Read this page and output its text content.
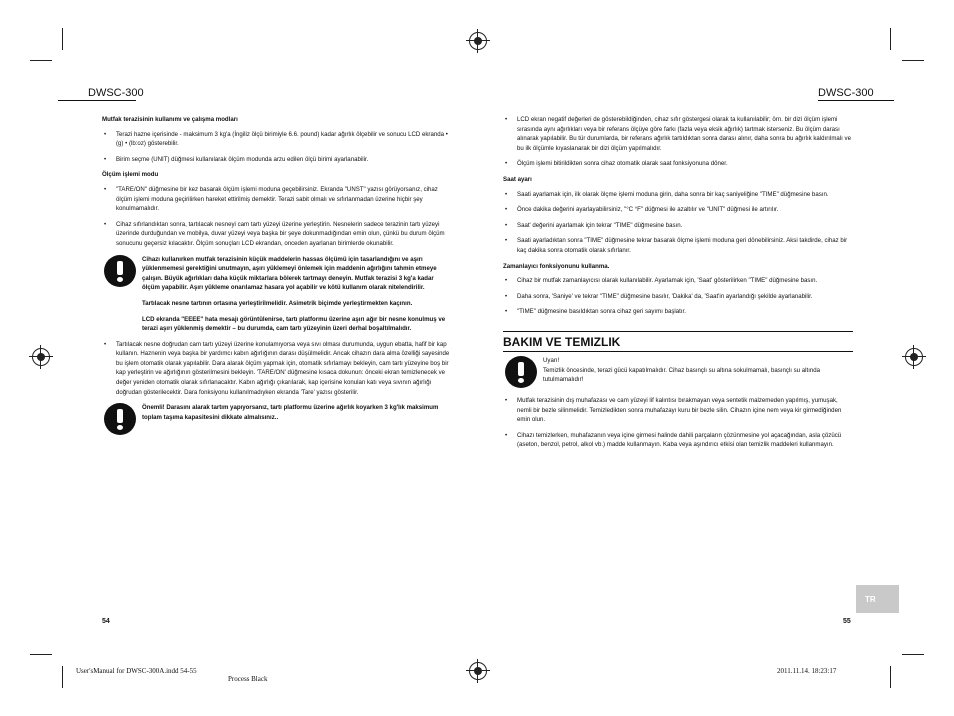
DWSC-300	DWSC-300

Mutfak terazisinin kullanımı ve çalışma modları

• Terazi hazne içerisinde - maksimum 3 kg'a (İngiliz ölçü birimiyle 6.6. pound) kadar ağırlık ölçebilir ve sonucu LCD ekranda • (g) • (lb:oz) gösterebilir.

• Birim seçme (UNIT) düğmesi kullanılarak ölçüm modunda arzu edilen ölçü birimi ayarlanabilir.

Ölçüm işlemi modu

• "TARE/ON" düğmesine bir kez basarak ölçüm işlemi moduna geçebilirsiniz. Ekranda "UNST" yazısı görüyorsanız, cihaz ölçüm işlemi moduna geçirilirken hareket ettirilmiş demektir. Terazi sabit olmalı ve sıfırlanmadan üzerine hiçbir şey konulmamalıdır.

• Cihaz sıfırlandıktan sonra, tartılacak nesneyi cam tartı yüzeyi üzerine yerleştirin. Nesnelerin sadece terazinin tartı yüzeyi üzerinde durduğundan ve mobilya, duvar yüzeyi veya başka bir şeye dokunmadığından emin olun, çünkü bu durum ölçüm sonucunu geçersiz kılacaktır. Ölçüm sonuçları LCD ekrandan, onceden ayarlanan birimlerde okunabilir.

Cihazı kullanırken mutfak terazisinin küçük maddelerin hassas ölçümü için tasarlandığını ve aşırı yüklenmemesi gerektiğini unutmayın, aşırı yüklemeyi önlemek için maddenin ağırlığını tahmin etmeye çalışın. Büyük ağırlıkları daha küçük miktarlara bölerek tartmayı deneyin. Mutfak terazisi 3 kg'a kadar ölçüm yapabilir. Aşırı yükleme onarılamaz hasara yol açabilir ve kötü kullanım olarak nitelendirilir.

Tartılacak nesne tartının ortasına yerleştirilmelidir. Asimetrik biçimde yerleştirmekten kaçının.

LCD ekranda "EEEE" hata mesajı görüntülenirse, tartı platformu üzerine aşırı ağır bir nesne konulmuş ve terazi aşırı yüklenmiş demektir – bu durumda, cam tartı yüzeyinin üzeri derhal boşaltılmalıdır.

• Tartılacak nesne doğrudan cam tartı yüzeyi üzerine konulamıyorsa veya sıvı olması durumunda, uygun ebatta, hafif bir kap kullanın. Haznenin veya başka bir yardımcı kabın ağırlığının darası düşülmelidir. Ancak cihazın dara alma özelliği sayesinde bu işlem otomatik olarak yapılabilir. Dara alarak ölçüm yapmak için, otomatik sıfırlamayı bekleyin, cam tartı yüzeyine boş bir kap yerleştirin ve ağırlığının gösterilmesini bekleyin. 'TARE/ON' düğmesine kısaca dokunun: önceki ekran temizlenecek ve değer yeniden otomatik olarak sıfırlanacaktır. Kabın ağırlığı çıkarılarak, kap içerisine konulan katı veya sıvının ağırlığı doğrudan gösterilecektir. Dara fonksiyonu kullanılmadıyken ekranda 'Tare' yazısı gösterilir.

Önemli! Darasını alarak tartım yapıyorsanız, tartı platformu üzerine ağırlık koyarken 3 kg'lık maksimum toplam taşıma kapasitesini dikkate almalısınız..

• LCD ekran negatif değerleri de gösterebildiğinden, cihaz sıfır göstergesi olarak ta kullanılabilir; örn. bir dizi ölçüm işlemi sırasında aynı ağırlıkları veya bir referans ölçüye göre farkı (fazla veya eksik ağırlık) tartmak isterseniz. Bu ölçüm darası alınarak yapılabilir. Bu tür durumlarda, bir referans ağırlık tartıldıktan sonra darası alınır, daha sonra bu ağırlık kaldırılmalı ve bu ilk ölçümle kıyaslanarak bir dizi ölçüm yapılmalıdır.

• Ölçüm işlemi bitirildikten sonra cihaz otomatik olarak saat fonksiyonuna döner.

Saat ayarı

• Saati ayarlamak için, ilk olarak ölçme işlemi moduna girin, daha sonra bir kaç saniyeliğine "TIME" düğmesine basın.

• Önce dakika değerini ayarlayabilirsiniz, "°C °F" düğmesi ile azaltılır ve "UNIT" düğmesi ile artırılır.

• Saat' değerini ayarlamak için tekrar "TIME" düğmesine basın.

• Saati ayarladıktan sonra "TIME" düğmesine tekrar basarak ölçme işlemi moduna geri dönebilirsiniz. Aksi takdirde, cihaz bir kaç dakika sonra otomatik olarak sıfırlanır.

Zamanlayıcı fonksiyonunu kullanma.

• Cihaz bir mutfak zamanlayıcısı olarak kullanılabilir. Ayarlamak için, 'Saat' gösterilirken "TIME" düğmesine basın.

• Daha sonra, 'Saniye' ve tekrar "TIME" düğmesine basılır, 'Dakika' da, 'Saat'in ayarlandığı şekilde ayarlanabilir.

• "TIME" düğmesine basıldıktan sonra cihaz geri sayımı başlatır.

BAKIM VE TEMIZLIK

Uyarı!

Temizlik öncesinde, terazi gücü kapatılmalıdır. Cihaz basınçlı su altına sokulmamalı, basınçlı su altında tutulmamalıdır!

• Mutfak terazisinin dış muhafazası ve cam yüzeyi lif kalıntısı bırakmayan veya sentetik malzemeden yapılmış, yumuşak, nemli bir bezle silinmelidir. Temizledikten sonra muhafazayı kuru bir bezle silin. Cihazın içine nem veya kir girmediğinden emin olun.

• Cihazı temizlerken, muhafazanın veya içine girmesi halinde dahili parçaların çözünmesine yol açacağından, asla çözücü (aseton, benzol, petrol, alkol vb.) madde kullanmayın. Kaba veya aşındırıcı etkisi olan temizlik maddeleri kullanmayın.

TR
54	55
User'sManual for DWSC-300A.indd 54-55
Process Black
2011.11.14. 18:23:17
